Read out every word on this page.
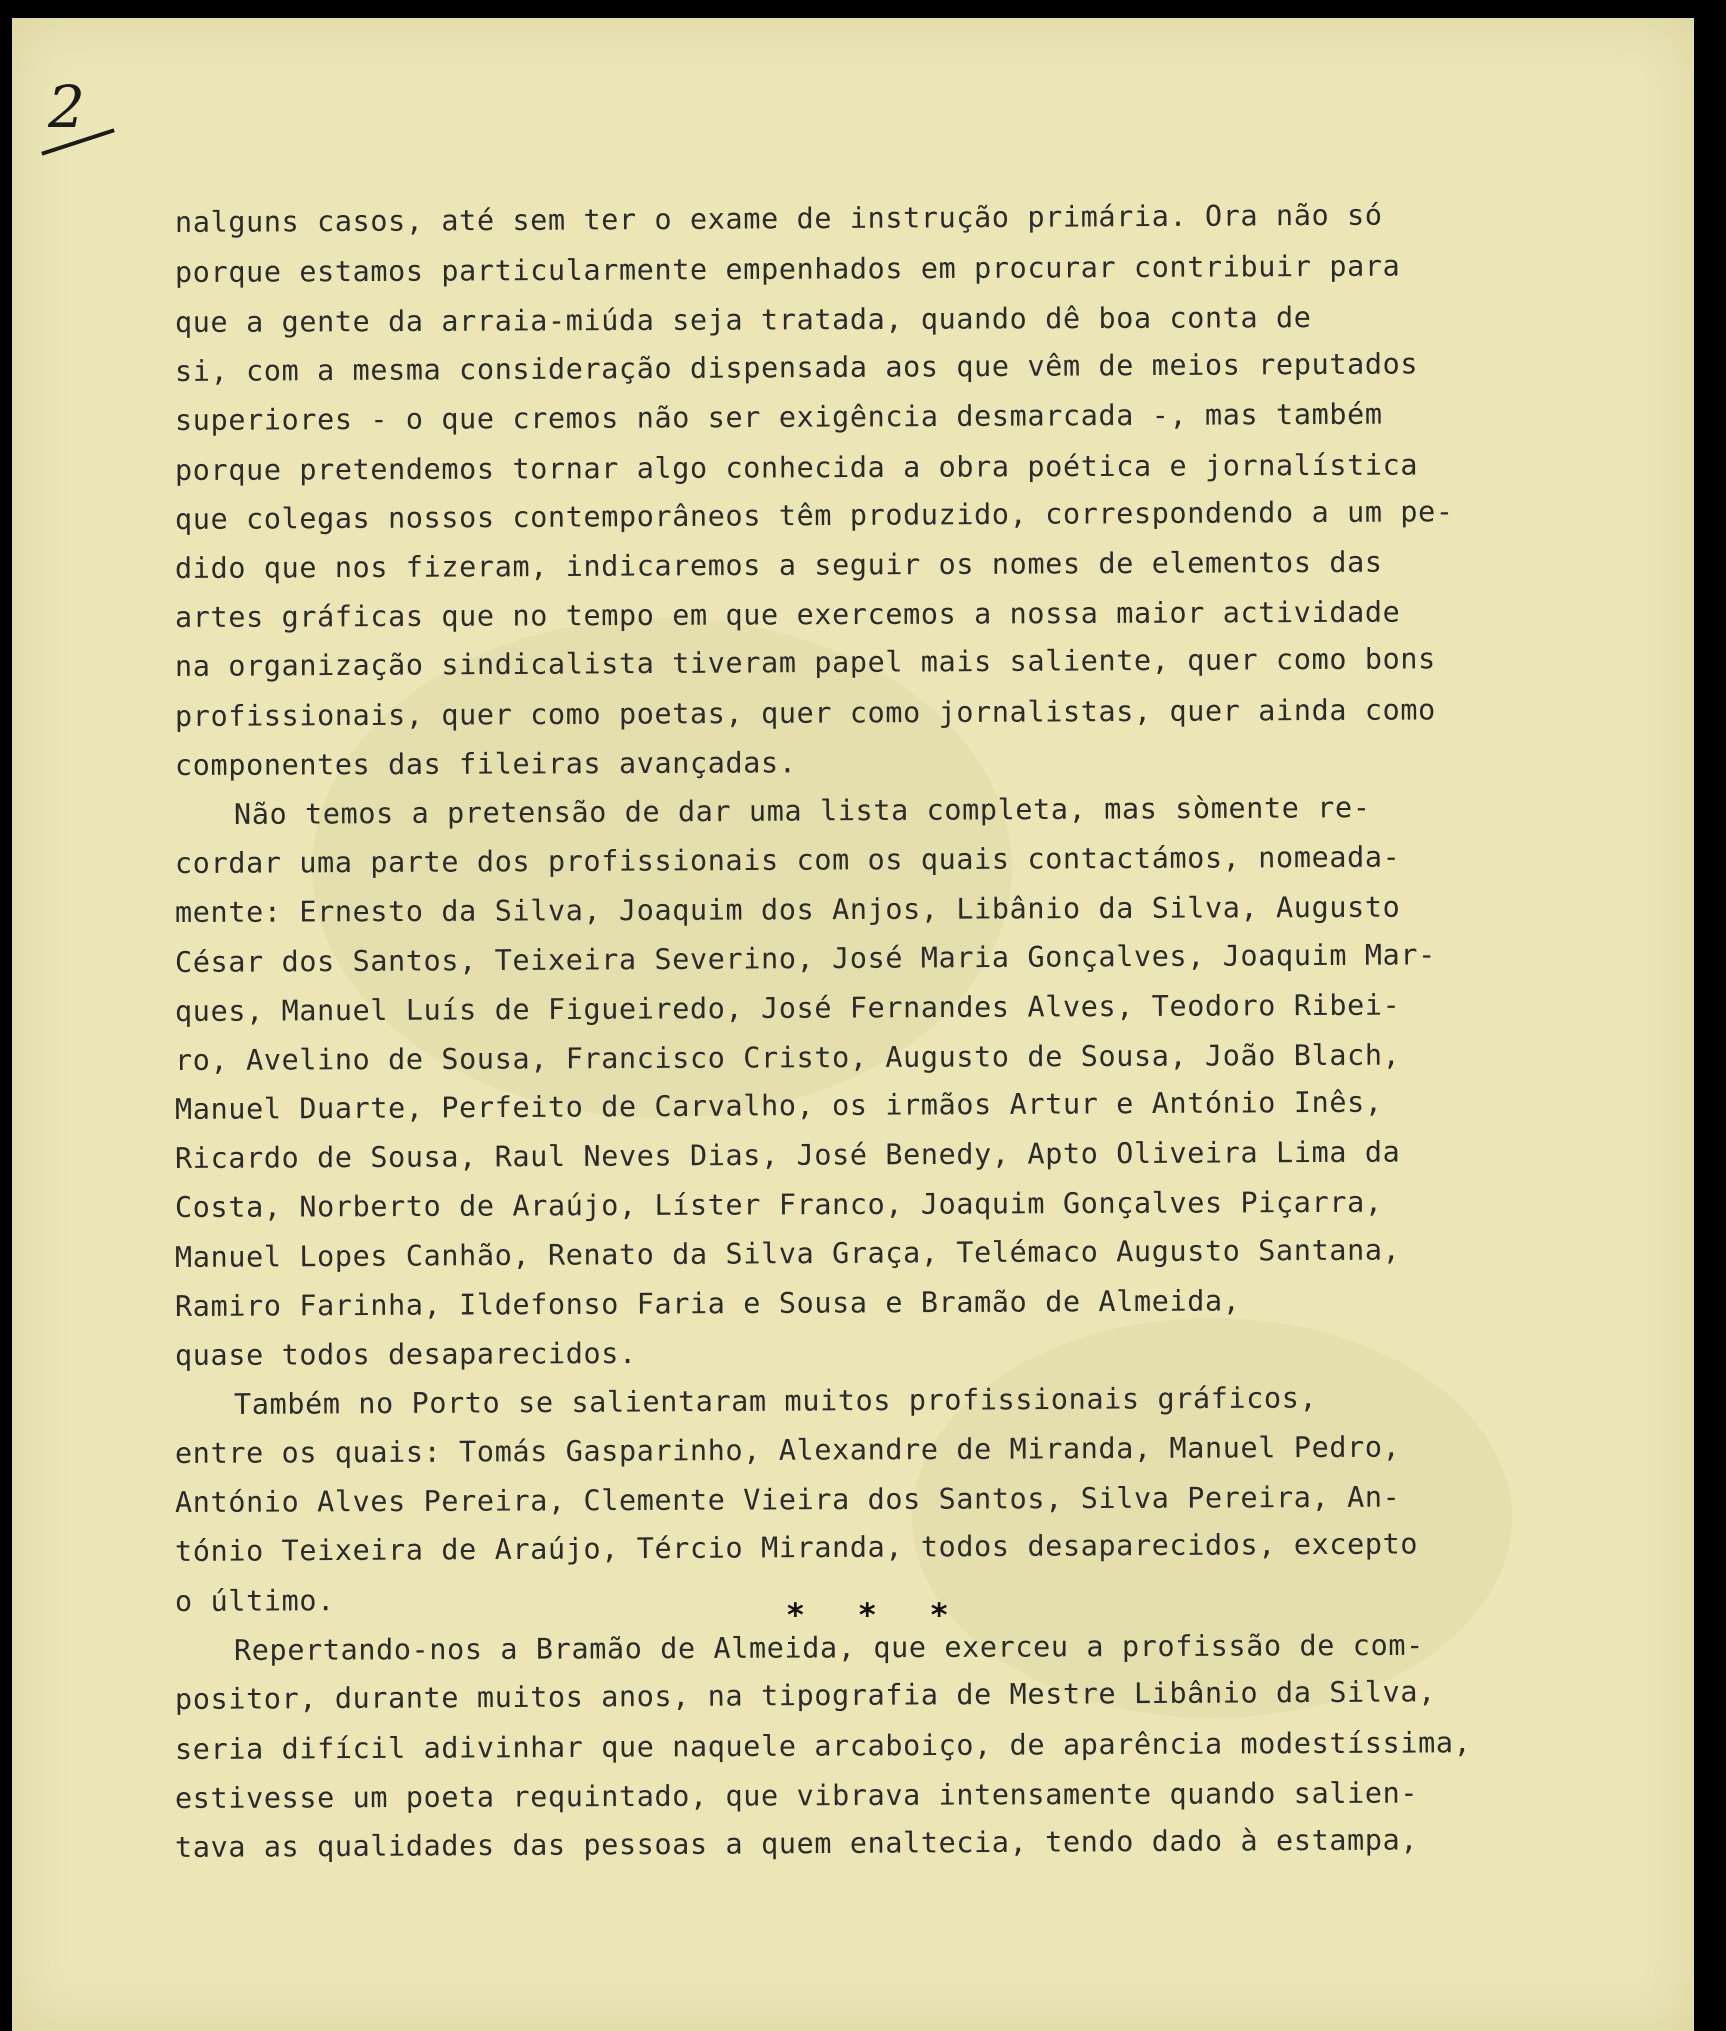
2
nalguns casos, até sem ter o exame de instrução primária. Ora não só
porque estamos particularmente empenhados em procurar contribuir para
que a gente da arraia-miúda seja tratada, quando dê boa conta de
si, com a mesma consideração dispensada aos que vêm de meios reputados
superiores - o que cremos não ser exigência desmarcada -, mas também
porque pretendemos tornar algo conhecida a obra poética e jornalística
que colegas nossos contemporâneos têm produzido, correspondendo a um pe-
dido que nos fizeram, indicaremos a seguir os nomes de elementos das
artes gráficas que no tempo em que exercemos a nossa maior actividade
na organização sindicalista tiveram papel mais saliente, quer como bons
profissionais, quer como poetas, quer como jornalistas, quer ainda como
componentes das fileiras avançadas.
Não temos a pretensão de dar uma lista completa, mas sòmente re-
cordar uma parte dos profissionais com os quais contactámos, nomeada-
mente: Ernesto da Silva, Joaquim dos Anjos, Libânio da Silva, Augusto
César dos Santos, Teixeira Severino, José Maria Gonçalves, Joaquim Mar-
ques, Manuel Luís de Figueiredo, José Fernandes Alves, Teodoro Ribei-
ro, Avelino de Sousa, Francisco Cristo, Augusto de Sousa, João Blach,
Manuel Duarte, Perfeito de Carvalho, os irmãos Artur e António Inês,
Ricardo de Sousa, Raul Neves Dias, José Benedy, Apto Oliveira Lima da
Costa, Norberto de Araújo, Líster Franco, Joaquim Gonçalves Piçarra,
Manuel Lopes Canhão, Renato da Silva Graça, Telémaco Augusto Santana,
Ramiro Farinha, Ildefonso Faria e Sousa e Bramão de Almeida,
quase todos desaparecidos.
Também no Porto se salientaram muitos profissionais gráficos,
entre os quais: Tomás Gasparinho, Alexandre de Miranda, Manuel Pedro,
António Alves Pereira, Clemente Vieira dos Santos, Silva Pereira, An-
tónio Teixeira de Araújo, Tércio Miranda, todos desaparecidos, excepto
o último.
Repertando-nos a Bramão de Almeida, que exerceu a profissão de com-
positor, durante muitos anos, na tipografia de Mestre Libânio da Silva,
seria difícil adivinhar que naquele arcaboiço, de aparência modestíssima,
estivesse um poeta requintado, que vibrava intensamente quando salien-
tava as qualidades das pessoas a quem enaltecia, tendo dado à estampa,
* * *
